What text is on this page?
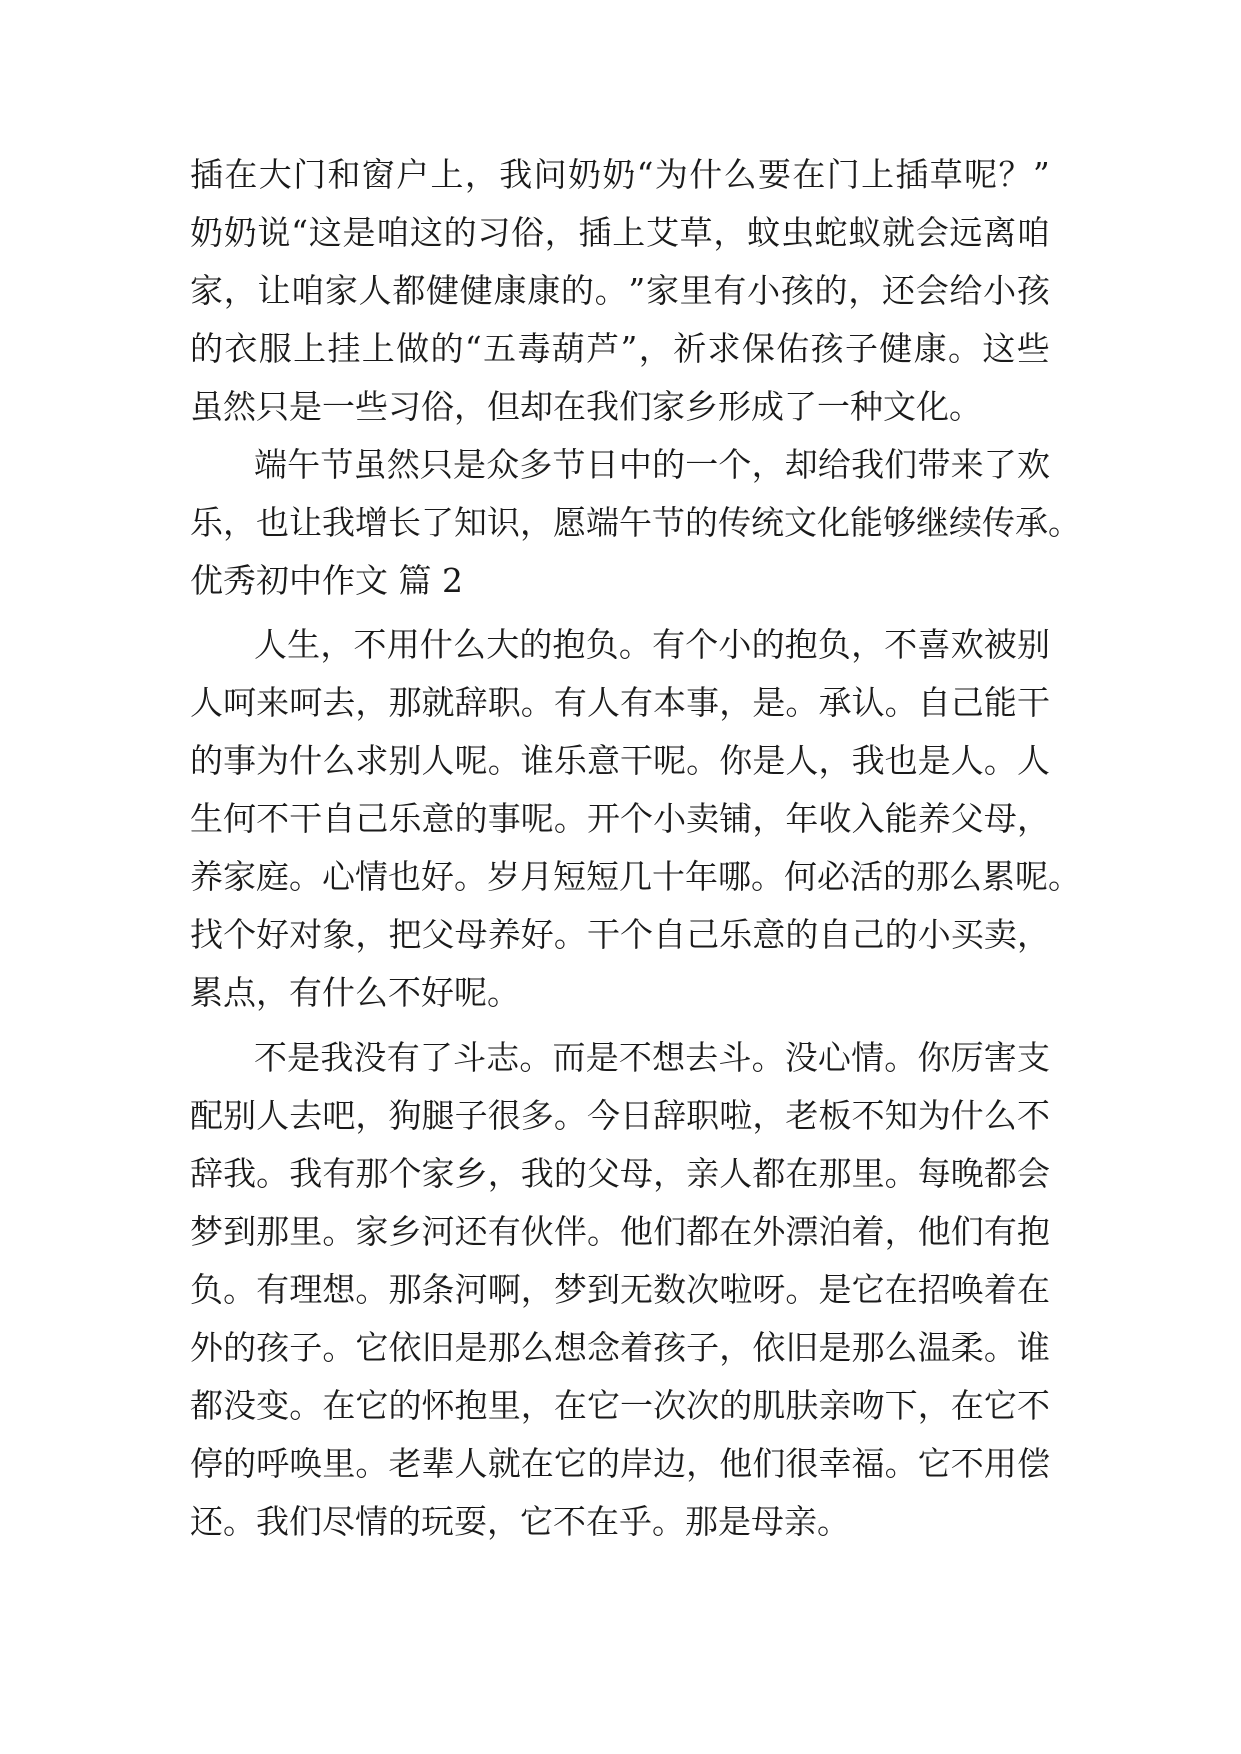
插 在 大 门 和 窗 户 上 ， 我 问 奶 奶 “ 为 什 么 要 在 门 上 插 草 呢 ？ ”
奶 奶 说 “ 这 是 咱 这 的 习 俗 ， 插 上 艾 草 ， 蚊 虫 蛇 蚁 就 会 远 离 咱
家 ， 让 咱 家 人 都 健 健 康 康 的 。 ” 家 里 有 小 孩 的 ， 还 会 给 小 孩
的 衣 服 上 挂 上 做 的 “ 五 毒 葫 芦 ” ， 祈 求 保 佑 孩 子 健 康 。 这 些
虽然只是一些习俗，但却在我们家乡形成了一种文化。
端 午 节 虽 然 只 是 众 多 节 日 中 的 一 个 ， 却 给 我 们 带 来 了 欢
乐 ， 也 让 我 增 长 了 知 识 ， 愿 端 午 节 的 传 统 文 化 能 够 继 续 传 承 。
优秀初中作文 篇 2
人 生 ， 不 用 什 么 大 的 抱 负 。 有 个 小 的 抱 负 ， 不 喜 欢 被 别
人 呵 来 呵 去 ， 那 就 辞 职 。 有 人 有 本 事 ， 是 。 承 认 。 自 己 能 干
的 事 为 什 么 求 别 人 呢 。 谁 乐 意 干 呢 。 你 是 人 ， 我 也 是 人 。 人
生 何 不 干 自 己 乐 意 的 事 呢 。 开 个 小 卖 铺 ， 年 收 入 能 养 父 母 ，
养 家 庭 。 心 情 也 好 。 岁 月 短 短 几 十 年 哪 。 何 必 活 的 那 么 累 呢 。
找 个 好 对 象 ， 把 父 母 养 好 。 干 个 自 己 乐 意 的 自 己 的 小 买 卖 ，
累点，有什么不好呢。
不 是 我 没 有 了 斗 志 。 而 是 不 想 去 斗 。 没 心 情 。 你 厉 害 支
配 别 人 去 吧 ， 狗 腿 子 很 多 。 今 日 辞 职 啦 ， 老 板 不 知 为 什 么 不
辞 我 。 我 有 那 个 家 乡 ， 我 的 父 母 ， 亲 人 都 在 那 里 。 每 晚 都 会
梦 到 那 里 。 家 乡 河 还 有 伙 伴 。 他 们 都 在 外 漂 泊 着 ， 他 们 有 抱
负 。 有 理 想 。 那 条 河 啊 ， 梦 到 无 数 次 啦 呀 。 是 它 在 招 唤 着 在
外 的 孩 子 。 它 依 旧 是 那 么 想 念 着 孩 子 ， 依 旧 是 那 么 温 柔 。 谁
都 没 变 。 在 它 的 怀 抱 里 ， 在 它 一 次 次 的 肌 肤 亲 吻 下 ， 在 它 不
停 的 呼 唤 里 。 老 辈 人 就 在 它 的 岸 边 ， 他 们 很 幸 福 。 它 不 用 偿
还。我们尽情的玩耍，它不在乎。那是母亲。
